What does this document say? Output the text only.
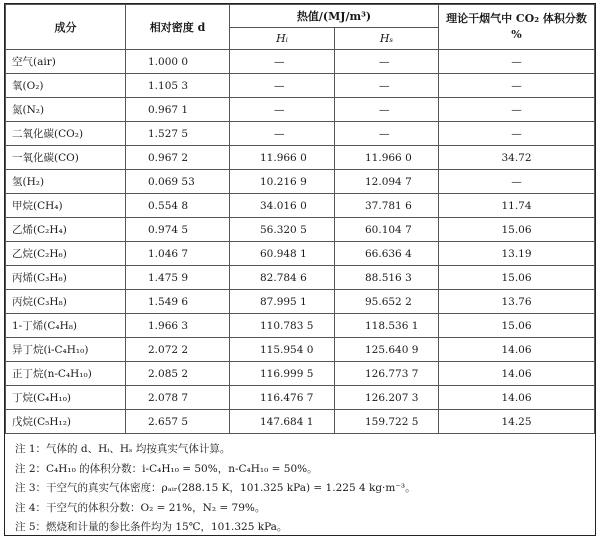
成分	相对密度 d	热值/(MJ/m³)		理论干烟气中 CO₂ 体积分数
%

		Hᵢ	Hₛ	
空气(air)	1.000 0	—	—	—
氧(O₂)	1.105 3	—	—	—
氮(N₂)	0.967 1	—	—	—
二氧化碳(CO₂)	1.527 5	—	—	—
一氧化碳(CO)	0.967 2	11.966 0	11.966 0	34.72
氢(H₂)	0.069 53	10.216 9	12.094 7	—
甲烷(CH₄)	0.554 8	34.016 0	37.781 6	11.74
乙烯(C₂H₄)	0.974 5	56.320 5	60.104 7	15.06
乙烷(C₂H₆)	1.046 7	60.948 1	66.636 4	13.19
丙烯(C₃H₆)	1.475 9	82.784 6	88.516 3	15.06
丙烷(C₃H₈)	1.549 6	87.995 1	95.652 2	13.76
1-丁烯(C₄H₈)	1.966 3	110.783 5	118.536 1	15.06
异丁烷(i-C₄H₁₀)	2.072 2	115.954 0	125.640 9	14.06
正丁烷(n-C₄H₁₀)	2.085 2	116.999 5	126.773 7	14.06
丁烷(C₄H₁₀)	2.078 7	116.476 7	126.207 3	14.06
戊烷(C₅H₁₂)	2.657 5	147.684 1	159.722 5	14.25
注 1：气体的 d、Hᵢ、Hₛ 均按真实气体计算。
注 2：C₄H₁₀ 的体积分数：i-C₄H₁₀ = 50%，n-C₄H₁₀ = 50%。
注 3：干空气的真实气体密度：ρₐᵢᵣ(288.15 K，101.325 kPa) = 1.225 4 kg·m⁻³。
注 4：干空气的体积分数：O₂ = 21%，N₂ = 79%。
注 5：燃烧和计量的参比条件均为 15℃，101.325 kPa。
